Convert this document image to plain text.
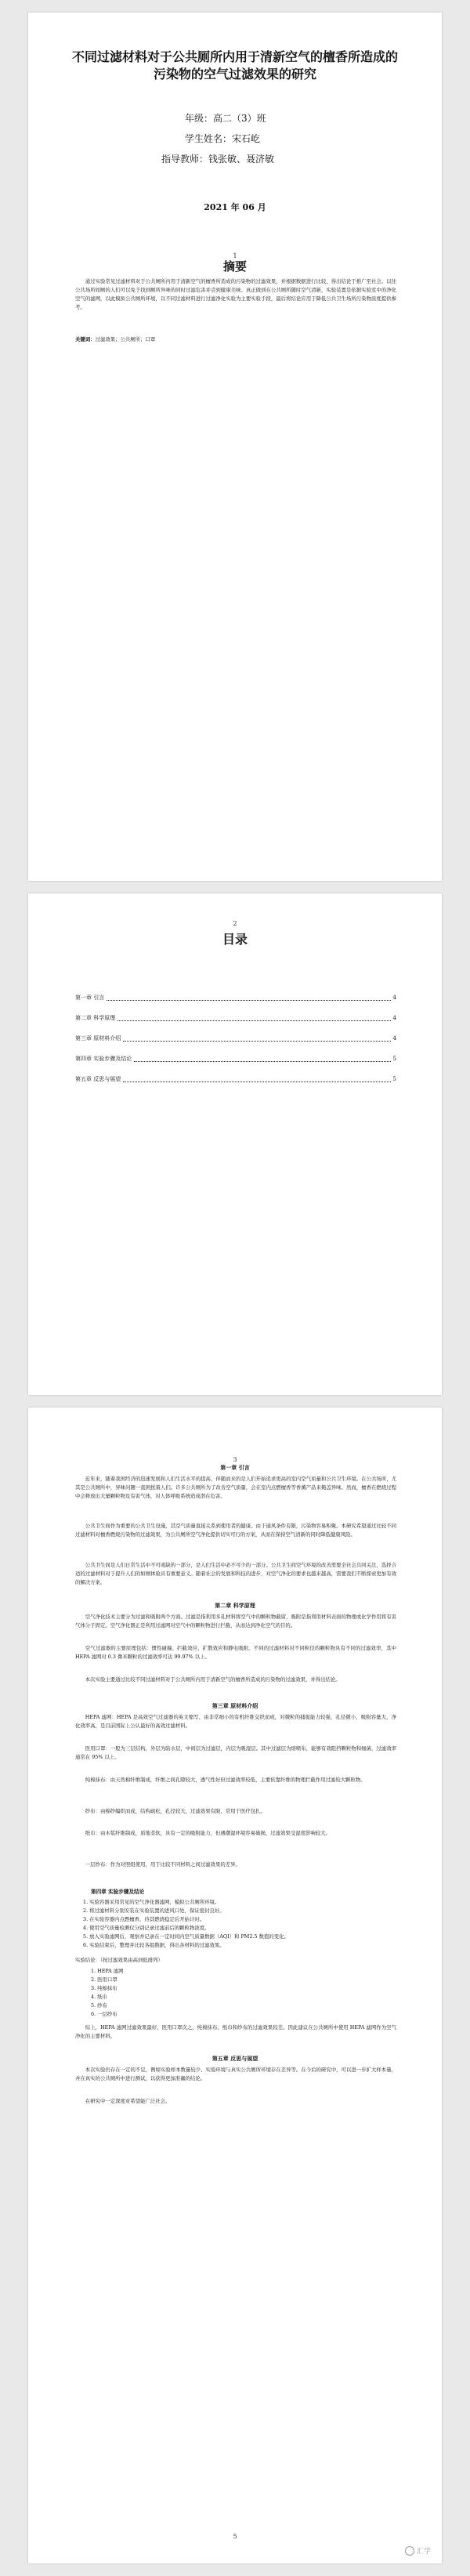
不同过滤材料对于公共厕所内用于清新空气的檀香所造成的污染物的空气过滤效果的研究
年级：高二（3）班
学生姓名：宋石屹
指导教师：钱张敏、聂济敏
2021 年 06 月
1
摘要
通过实验常见过滤材料对于公共厕所内用于清新空气的檀香所造成的污染物的过滤效果，并根据数据进行比较，得出结论于推广至社会。以往公共场所如厕的人们可以免于找到厕所异味的同时过滤危害并尝到健康美味。真正做到在公共厕所随时空气清新，实验装置是依据实验室中的净化空气的滤网，以此模拟公共厕所环境，以不同过滤材料进行过滤净化实验为主要实验手段，最后将结论应用于降低公共卫生场所污染物浓度提供参考。
关键词：过滤效果；公共厕所；口罩
2
目录
第一章 引言	4
第二章 科学原理	4
第三章 原材料介绍	4
第四章 实验步骤及结论	5
第五章 反思与展望	5
3
第一章 引言
近年来，随着我国经济的迅速发展和人们生活水平的提高，伴随而来的是人们开始追求更高的室内空气质量和公共卫生环境。在公共场所，尤其是公共厕所中，异味问题一直困扰着人们。许多公共厕所为了改善空气质量，会在室内点燃檀香等香薰产品来掩盖异味。然而，檀香在燃烧过程中会释放出大量颗粒物及有害气体，对人体呼吸系统造成潜在危害。
公共卫生间作为重要的公共卫生设施，其空气质量直接关系到使用者的健康。由于通风条件有限，污染物容易积聚。本研究希望通过比较不同过滤材料对檀香燃烧污染物的过滤效果，为公共厕所空气净化提供切实可行的方案，从而在保持空气清新的同时降低健康风险。
公共卫生间是人们日常生活中不可或缺的一部分，是人们生活中必不可少的一部分。公共卫生间空气环境的改善需要全社会共同关注，选择合适的过滤材料对于提升人们的如厕体验具有重要意义。随着社会的发展和科技的进步，对空气净化的要求也越来越高，需要我们不断探索更加有效的解决方案。
第二章 科学原理
空气净化技术主要分为过滤和吸附两个方面。过滤是指利用多孔材料将空气中的颗粒物截留，吸附是指利用材料表面的物理或化学作用将有害气体分子固定。空气净化器正是利用过滤网对空气中的颗粒物进行拦截，从而达到净化空气的目的。
空气过滤器的主要原理包括：惯性碰撞、拦截效应、扩散效应和静电吸附。不同的过滤材料对不同粒径的颗粒物具有不同的过滤效率，其中 HEPA 滤网对 0.3 微米颗粒的过滤效率可达 99.97% 以上。
本次实验主要通过比较不同过滤材料对于公共厕所内用于清新空气的檀香所造成的污染物的过滤效果，并得出结论。
第三章 原材料介绍
HEPA 滤网：HEPA 是高效空气过滤器的英文缩写，由非常细小的有机纤维交织而成，对微粒的捕捉能力较强，孔径微小，吸附容量大，净化效率高，是目前国际上公认最好的高效过滤材料。
医用口罩：一般为三层结构，外层为防水层，中间层为过滤层，内层为吸湿层。其中过滤层为熔喷布，能够有效阻挡颗粒物和细菌，过滤效率通常在 95% 以上。
纯棉抹布：由天然棉纤维制成，纤维之间孔隙较大，透气性好但过滤效率较低，主要依靠纤维的物理拦截作用过滤较大颗粒物。
纱布：由棉纱编织而成，结构疏松，孔径较大，过滤效果有限，常用于医疗包扎。
纸巾：由木浆纤维制成，质地柔软，具有一定的吸附能力，但遇潮湿环境容易破损，过滤效果受湿度影响较大。
一层纱布：作为对照组使用，用于比较不同材料之间过滤效果的差异。
第四章 实验步骤及结论
1. 实验容器采用常见的空气净化器滤网，模拟公共厕所环境。
2. 将过滤材料分别安装在实验装置的进风口处，保证密封良好。
3. 在实验容器内点燃檀香，待其燃烧稳定后开始计时。
4. 使用空气质量检测仪分别记录过滤前后的颗粒物浓度。
5. 放入实验滤网后，观察并记录在一定时间内空气质量数据（AQI）和 PM2.5 数值的变化。
6. 实验结束后，整理并比较各组数据，得出各材料的过滤效果。
实验结论：（按过滤效果由高到低排列）
1. HEPA 滤网
2. 医用口罩
3. 纯棉抹布
4. 纸巾
5. 纱布
6. 一层纱布
综上，HEPA 滤网过滤效果最好，医用口罩次之，纯棉抹布、纸巾和纱布的过滤效果较差。因此建议在公共厕所中使用 HEPA 滤网作为空气净化的主要材料。
第五章 反思与展望
本次实验仍存在一定的不足，例如实验样本数量较少、实验环境与真实公共厕所环境存在差异等。在今后的研究中，可以进一步扩大样本量，并在真实的公共厕所中进行测试，以获得更加准确的结论。
在研究中一定深度对希望能广泛社会。
5
汇学
